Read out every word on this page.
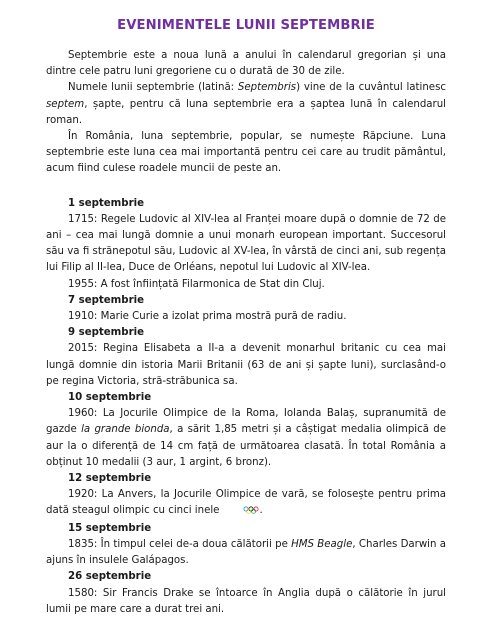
EVENIMENTELE LUNII SEPTEMBRIE

Septembrie este a noua lună a anului în calendarul gregorian și una dintre cele patru luni gregoriene cu o durată de 30 de zile.

Numele lunii septembrie (latină: Septembris) vine de la cuvântul latinesc septem, șapte, pentru că luna septembrie era a șaptea lună în calendarul roman.

În România, luna septembrie, popular, se numește Răpciune. Luna septembrie este luna cea mai importantă pentru cei care au trudit pământul, acum fiind culese roadele muncii de peste an.

1 septembrie

1715: Regele Ludovic al XIV-lea al Franței moare după o domnie de 72 de ani – cea mai lungă domnie a unui monarh european important. Succesorul său va fi strănepotul său, Ludovic al XV-lea, în vârstă de cinci ani, sub regența lui Filip al II-lea, Duce de Orléans, nepotul lui Ludovic al XIV-lea.

1955: A fost înființată Filarmonica de Stat din Cluj.

7 septembrie

1910: Marie Curie a izolat prima mostră pură de radiu.

9 septembrie

2015: Regina Elisabeta a II-a a devenit monarhul britanic cu cea mai lungă domnie din istoria Marii Britanii (63 de ani și șapte luni), surclasând-o pe regina Victoria, stră-străbunica sa.

10 septembrie

1960: La Jocurile Olimpice de la Roma, Iolanda Balaș, supranumită de gazde la grande bionda, a sărit 1,85 metri și a câștigat medalia olimpică de aur la o diferență de 14 cm față de următoarea clasată. În total România a obținut 10 medalii (3 aur, 1 argint, 6 bronz).

12 septembrie

1920: La Anvers, la Jocurile Olimpice de vară, se folosește pentru prima dată steagul olimpic cu cinci inele	.

15 septembrie

1835: În timpul celei de-a doua călătorii pe HMS Beagle, Charles Darwin a ajuns în insulele Galápagos.

26 septembrie

1580: Sir Francis Drake se întoarce în Anglia după o călătorie în jurul lumii pe mare care a durat trei ani.
